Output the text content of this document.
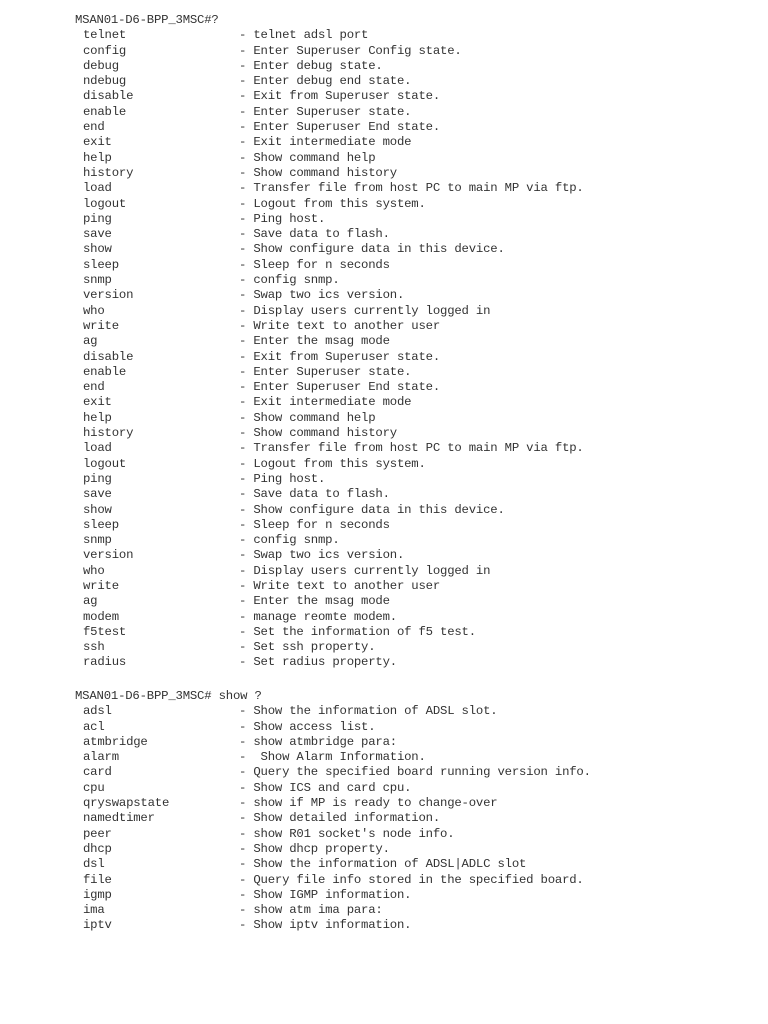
MSAN01-D6-BPP_3MSC#?
telnet	- telnet adsl port
config	- Enter Superuser Config state.
debug	- Enter debug state.
ndebug	- Enter debug end state.
disable	- Exit from Superuser state.
enable	- Enter Superuser state.
end	- Enter Superuser End state.
exit	- Exit intermediate mode
help	- Show command help
history	- Show command history
load	- Transfer file from host PC to main MP via ftp.
logout	- Logout from this system.
ping	- Ping host.
save	- Save data to flash.
show	- Show configure data in this device.
sleep	- Sleep for n seconds
snmp	- config snmp.
version	- Swap two ics version.
who	- Display users currently logged in
write	- Write text to another user
ag	- Enter the msag mode
disable	- Exit from Superuser state.
enable	- Enter Superuser state.
end	- Enter Superuser End state.
exit	- Exit intermediate mode
help	- Show command help
history	- Show command history
load	- Transfer file from host PC to main MP via ftp.
logout	- Logout from this system.
ping	- Ping host.
save	- Save data to flash.
show	- Show configure data in this device.
sleep	- Sleep for n seconds
snmp	- config snmp.
version	- Swap two ics version.
who	- Display users currently logged in
write	- Write text to another user
ag	- Enter the msag mode
modem	- manage reomte modem.
f5test	- Set the information of f5 test.
ssh	- Set ssh property.
radius	- Set radius property.
MSAN01-D6-BPP_3MSC# show ?
adsl	- Show the information of ADSL slot.
acl	- Show access list.
atmbridge	- show atmbridge para:
alarm	-  Show Alarm Information.
card	- Query the specified board running version info.
cpu	- Show ICS and card cpu.
qryswapstate	- show if MP is ready to change-over
namedtimer	- Show detailed information.
peer	- show R01 socket's node info.
dhcp	- Show dhcp property.
dsl	- Show the information of ADSL|ADLC slot
file	- Query file info stored in the specified board.
igmp	- Show IGMP information.
ima	- show atm ima para:
iptv	- Show iptv information.
